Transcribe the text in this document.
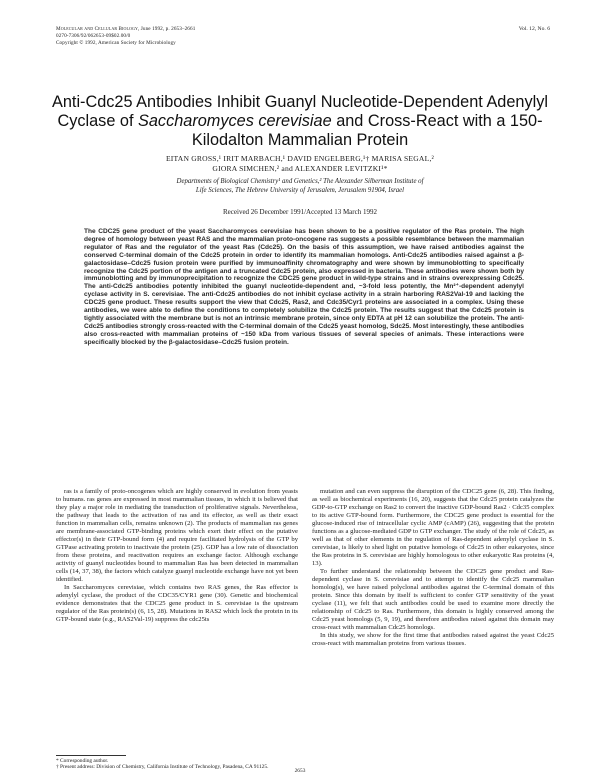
Molecular and Cellular Biology, June 1992, p. 2653–2661
0270-7306/92/062653-09$02.00/0
Copyright © 1992, American Society for Microbiology
Vol. 12, No. 6
Anti-Cdc25 Antibodies Inhibit Guanyl Nucleotide-Dependent Adenylyl Cyclase of Saccharomyces cerevisiae and Cross-React with a 150-Kilodalton Mammalian Protein
EITAN GROSS,¹ IRIT MARBACH,¹ DAVID ENGELBERG,¹† MARISA SEGAL,²
GIORA SIMCHEN,² and ALEXANDER LEVITZKI¹*
Departments of Biological Chemistry¹ and Genetics,² The Alexander Silberman Institute of
Life Sciences, The Hebrew University of Jerusalem, Jerusalem 91904, Israel
Received 26 December 1991/Accepted 13 March 1992
The CDC25 gene product of the yeast Saccharomyces cerevisiae has been shown to be a positive regulator of the Ras protein. The high degree of homology between yeast RAS and the mammalian proto-oncogene ras suggests a possible resemblance between the mammalian regulator of Ras and the regulator of the yeast Ras (Cdc25). On the basis of this assumption, we have raised antibodies against the conserved C-terminal domain of the Cdc25 protein in order to identify its mammalian homologs. Anti-Cdc25 antibodies raised against a β-galactosidase–Cdc25 fusion protein were purified by immunoaffinity chromatography and were shown by immunoblotting to specifically recognize the Cdc25 portion of the antigen and a truncated Cdc25 protein, also expressed in bacteria. These antibodies were shown both by immunoblotting and by immunoprecipitation to recognize the CDC25 gene product in wild-type strains and in strains overexpressing Cdc25. The anti-Cdc25 antibodies potently inhibited the guanyl nucleotide-dependent and, ~3-fold less potently, the Mn²⁺-dependent adenylyl cyclase activity in S. cerevisiae. The anti-Cdc25 antibodies do not inhibit cyclase activity in a strain harboring RAS2Val-19 and lacking the CDC25 gene product. These results support the view that Cdc25, Ras2, and Cdc35/Cyr1 proteins are associated in a complex. Using these antibodies, we were able to define the conditions to completely solubilize the Cdc25 protein. The results suggest that the Cdc25 protein is tightly associated with the membrane but is not an intrinsic membrane protein, since only EDTA at pH 12 can solubilize the protein. The anti-Cdc25 antibodies strongly cross-reacted with the C-terminal domain of the Cdc25 yeast homolog, Sdc25. Most interestingly, these antibodies also cross-reacted with mammalian proteins of ~150 kDa from various tissues of several species of animals. These interactions were specifically blocked by the β-galactosidase–Cdc25 fusion protein.

ras is a family of proto-oncogenes which are highly conserved in evolution from yeasts to humans. ras genes are expressed in most mammalian tissues, in which it is believed that they play a major role in mediating the transduction of proliferative signals. Nevertheless, the pathway that leads to the activation of ras and its effector, as well as their exact function in mammalian cells, remains unknown (2). The products of mammalian ras genes are membrane-associated GTP-binding proteins which exert their effect on the putative effector(s) in their GTP-bound form (4) and require facilitated hydrolysis of the GTP by GTPase activating protein to inactivate the protein (25). GDP has a low rate of dissociation from these proteins, and reactivation requires an exchange factor. Although exchange activity of guanyl nucleotides bound to mammalian Ras has been detected in mammalian cells (14, 37, 38), the factors which catalyze guanyl nucleotide exchange have not yet been identified.

In Saccharomyces cerevisiae, which contains two RAS genes, the Ras effector is adenylyl cyclase, the product of the CDC35/CYR1 gene (30). Genetic and biochemical evidence demonstrates that the CDC25 gene product in S. cerevisiae is the upstream regulator of the Ras protein(s) (6, 15, 28). Mutations in RAS2 which lock the protein in its GTP-bound state (e.g., RAS2Val-19) suppress the cdc25ts

mutation and can even suppress the disruption of the CDC25 gene (6, 28). This finding, as well as biochemical experiments (16, 20), suggests that the Cdc25 protein catalyzes the GDP-to-GTP exchange on Ras2 to convert the inactive GDP-bound Ras2 · Cdc35 complex to its active GTP-bound form. Furthermore, the CDC25 gene product is essential for the glucose-induced rise of intracellular cyclic AMP (cAMP) (26), suggesting that the protein functions as a glucose-mediated GDP to GTP exchanger. The study of the role of Cdc25, as well as that of other elements in the regulation of Ras-dependent adenylyl cyclase in S. cerevisiae, is likely to shed light on putative homologs of Cdc25 in other eukaryotes, since the Ras proteins in S. cerevisiae are highly homologous to other eukaryotic Ras proteins (4, 13).

To further understand the relationship between the CDC25 gene product and Ras-dependent cyclase in S. cerevisiae and to attempt to identify the Cdc25 mammalian homolog(s), we have raised polyclonal antibodies against the C-terminal domain of this protein. Since this domain by itself is sufficient to confer GTP sensitivity of the yeast cyclase (11), we felt that such antibodies could be used to examine more directly the relationship of Cdc25 to Ras. Furthermore, this domain is highly conserved among the Cdc25 yeast homologs (5, 9, 19), and therefore antibodies raised against this domain may cross-react with mammalian Cdc25 homologs.

In this study, we show for the first time that antibodies raised against the yeast Cdc25 cross-react with mammalian proteins from various tissues.

* Corresponding author.
† Present address: Division of Chemistry, California Institute of Technology, Pasadena, CA 91125.
2653
